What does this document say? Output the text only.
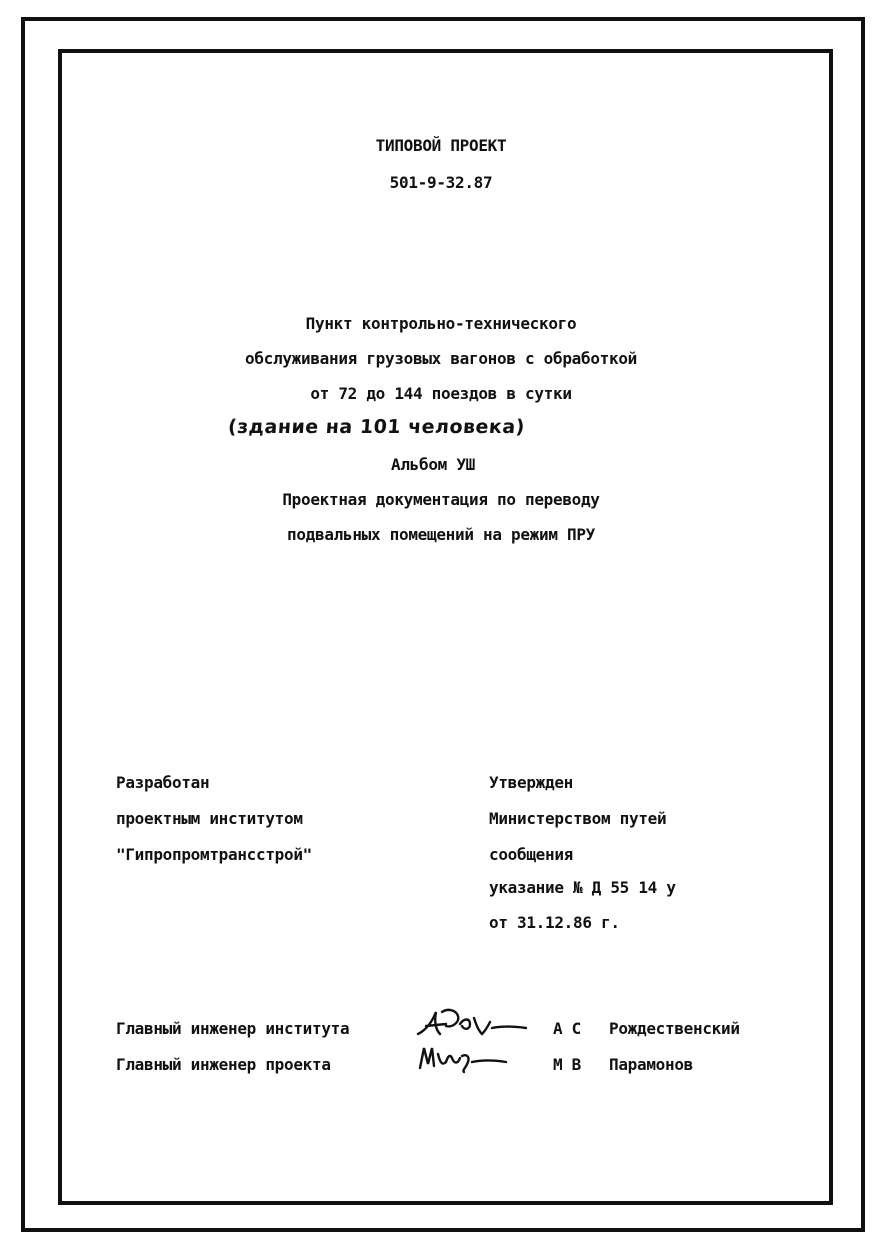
ТИПОВОЙ ПРОЕКТ
501-9-32.87
Пункт контрольно-технического
обслуживания грузовых вагонов с обработкой
от 72 до 144 поездов в сутки
(здание на 101 человека)
Альбом УШ
Проектная документация по переводу
подвальных помещений на режим ПРУ
Разработан
проектным институтом
"Гипропромтрансстрой"
Утвержден
Министерством путей
сообщения
указание № Д 55 14 у
от 31.12.86 г.
Главный инженер института	А С Рождественский
Главный инженер проекта	М В Парамонов
